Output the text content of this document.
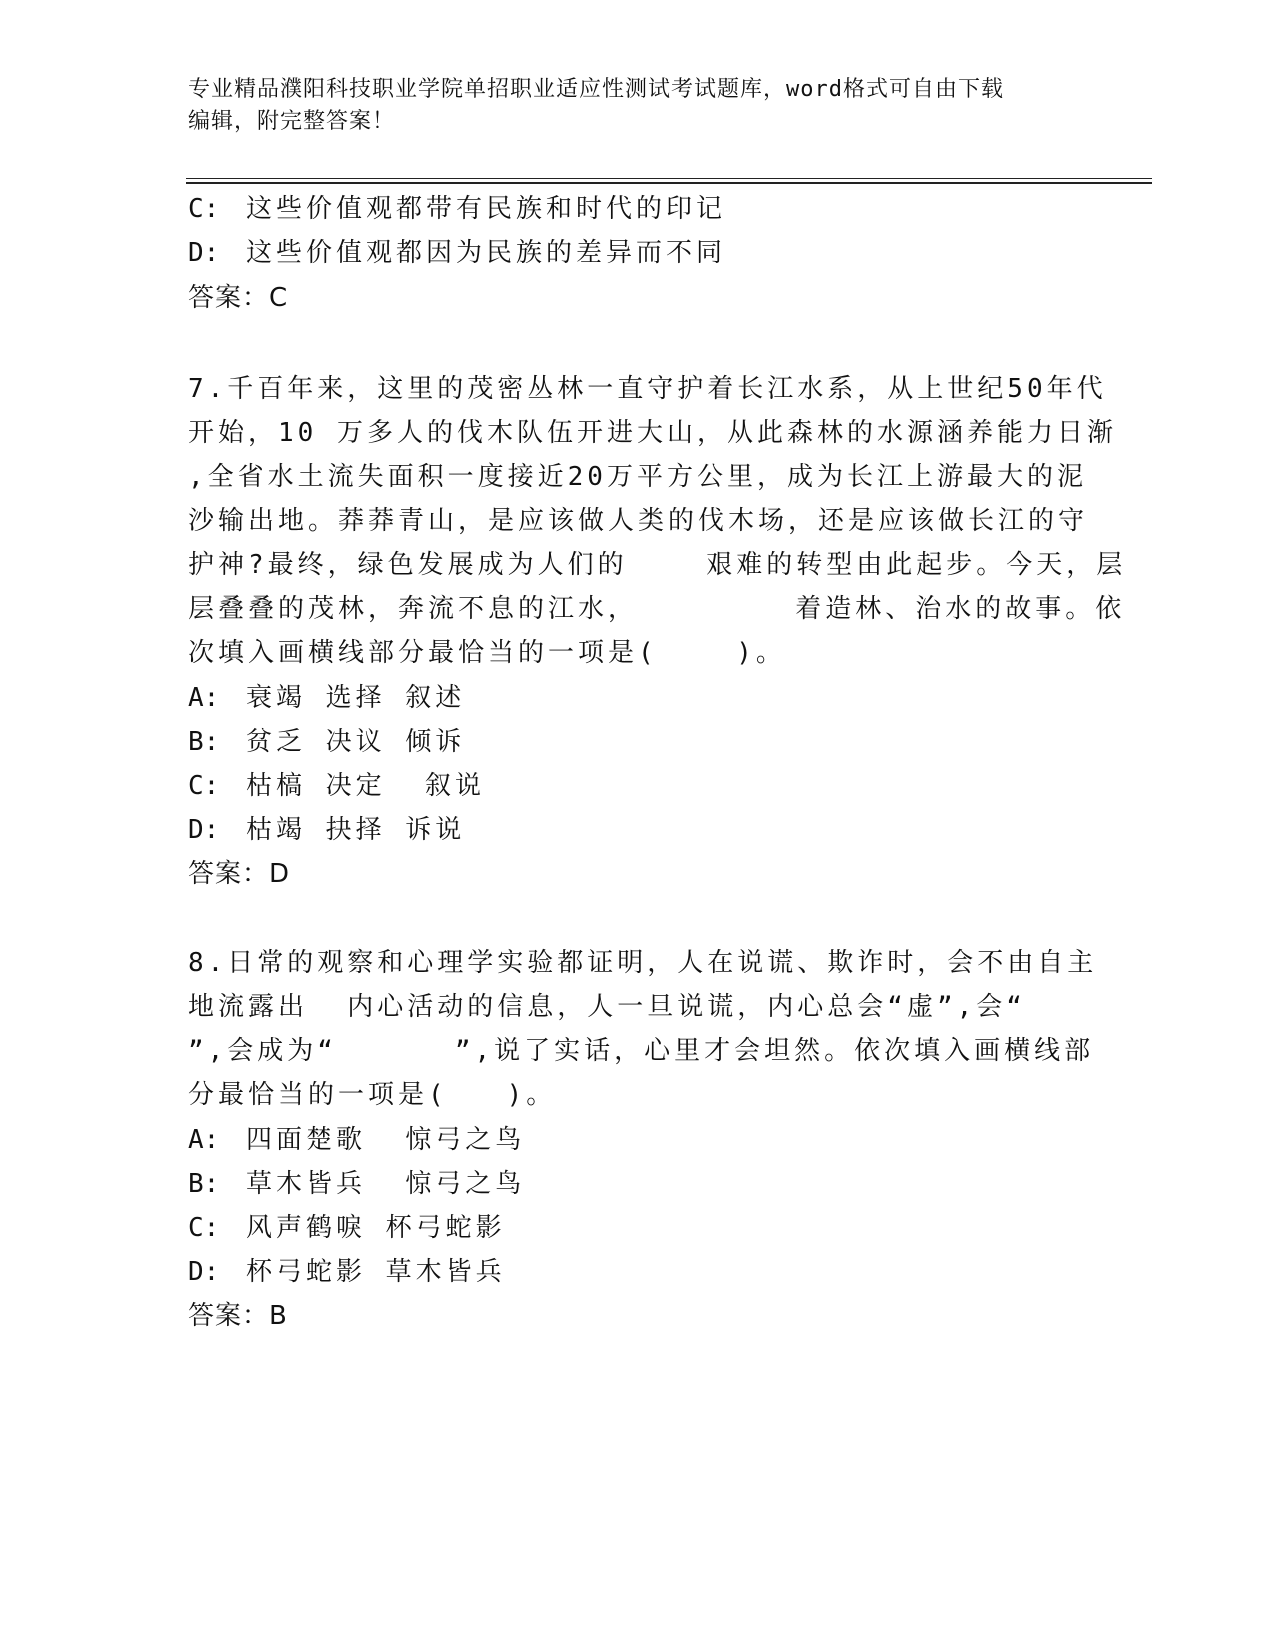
专业精品濮阳科技职业学院单招职业适应性测试考试题库，word格式可自由下载
编辑，附完整答案！
C: 这些价值观都带有民族和时代的印记
D: 这些价值观都因为民族的差异而不同
答案：C
7.千百年来，这里的茂密丛林一直守护着长江水系，从上世纪50年代
开始，10 万多人的伐木队伍开进大山，从此森林的水源涵养能力日渐
,全省水土流失面积一度接近20万平方公里，成为长江上游最大的泥
沙输出地。莽莽青山，是应该做人类的伐木场，还是应该做长江的守
护神?最终，绿色发展成为人们的    艰难的转型由此起步。今天，层
层叠叠的茂林，奔流不息的江水，        着造林、治水的故事。依
次填入画横线部分最恰当的一项是(    )。
A: 衰竭 选择 叙述
B: 贫乏 决议 倾诉
C: 枯槁 决定  叙说
D: 枯竭 抉择 诉说
答案：D
8.日常的观察和心理学实验都证明，人在说谎、欺诈时，会不由自主
地流露出  内心活动的信息，人一旦说谎，内心总会“虚”,会“
”,会成为“      ”,说了实话，心里才会坦然。依次填入画横线部
分最恰当的一项是(   )。
A: 四面楚歌  惊弓之鸟
B: 草木皆兵  惊弓之鸟
C: 风声鹤唳 杯弓蛇影
D: 杯弓蛇影 草木皆兵
答案：B
